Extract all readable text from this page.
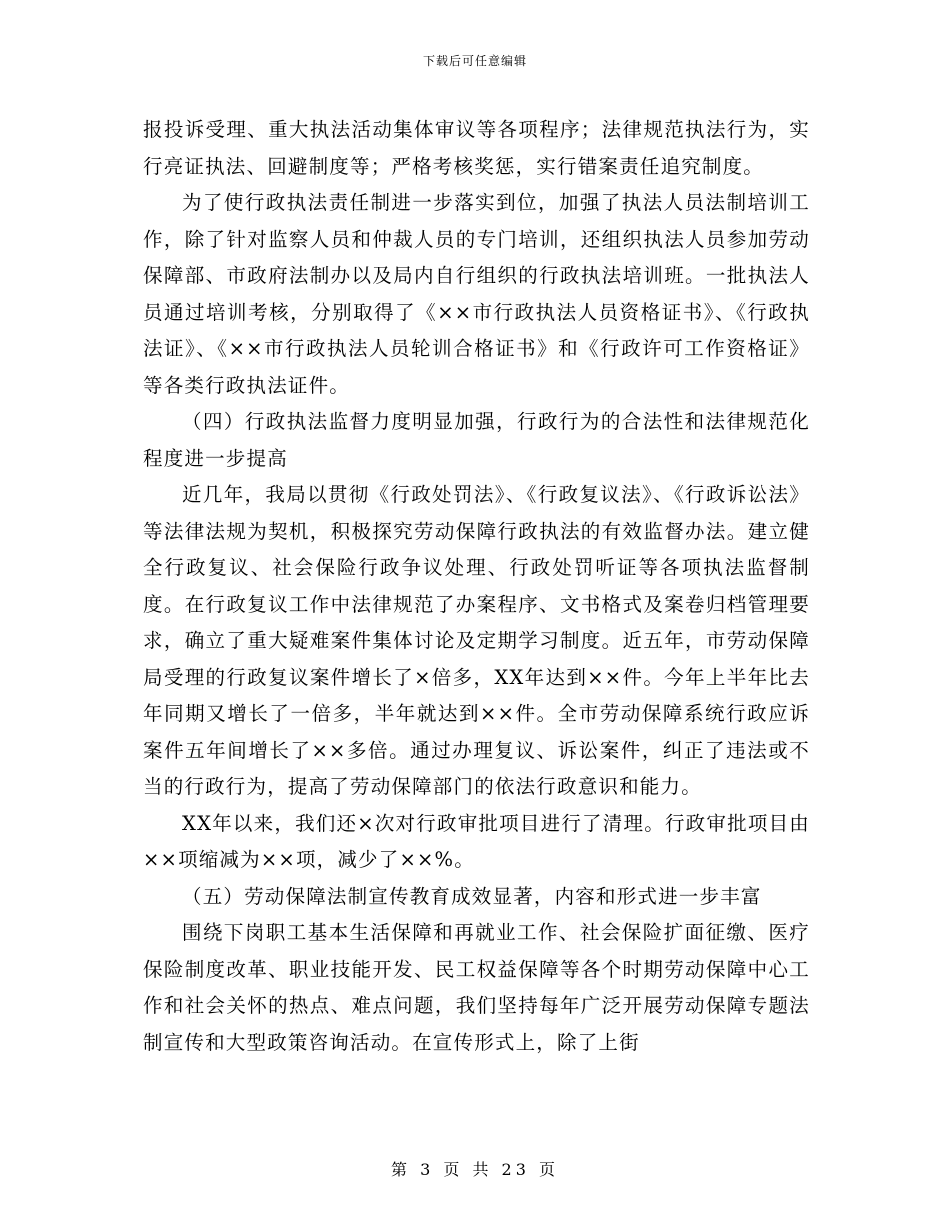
下载后可任意编辑

报投诉受理、重大执法活动集体审议等各项程序；法律规范执法行为，实行亮证执法、回避制度等；严格考核奖惩，实行错案责任追究制度。

为了使行政执法责任制进一步落实到位，加强了执法人员法制培训工作，除了针对监察人员和仲裁人员的专门培训，还组织执法人员参加劳动保障部、市政府法制办以及局内自行组织的行政执法培训班。一批执法人员通过培训考核，分别取得了《××市行政执法人员资格证书》、《行政执法证》、《××市行政执法人员轮训合格证书》和《行政许可工作资格证》等各类行政执法证件。

（四）行政执法监督力度明显加强，行政行为的合法性和法律规范化程度进一步提高

近几年，我局以贯彻《行政处罚法》、《行政复议法》、《行政诉讼法》等法律法规为契机，积极探究劳动保障行政执法的有效监督办法。建立健全行政复议、社会保险行政争议处理、行政处罚听证等各项执法监督制度。在行政复议工作中法律规范了办案程序、文书格式及案卷归档管理要求，确立了重大疑难案件集体讨论及定期学习制度。近五年，市劳动保障局受理的行政复议案件增长了×倍多，XX年达到××件。今年上半年比去年同期又增长了一倍多，半年就达到××件。全市劳动保障系统行政应诉案件五年间增长了××多倍。通过办理复议、诉讼案件，纠正了违法或不当的行政行为，提高了劳动保障部门的依法行政意识和能力。

XX年以来，我们还×次对行政审批项目进行了清理。行政审批项目由××项缩减为××项，减少了××%。

（五）劳动保障法制宣传教育成效显著，内容和形式进一步丰富

围绕下岗职工基本生活保障和再就业工作、社会保险扩面征缴、医疗保险制度改革、职业技能开发、民工权益保障等各个时期劳动保障中心工作和社会关怀的热点、难点问题，我们坚持每年广泛开展劳动保障专题法制宣传和大型政策咨询活动。在宣传形式上，除了上街

第 3 页 共 23 页
